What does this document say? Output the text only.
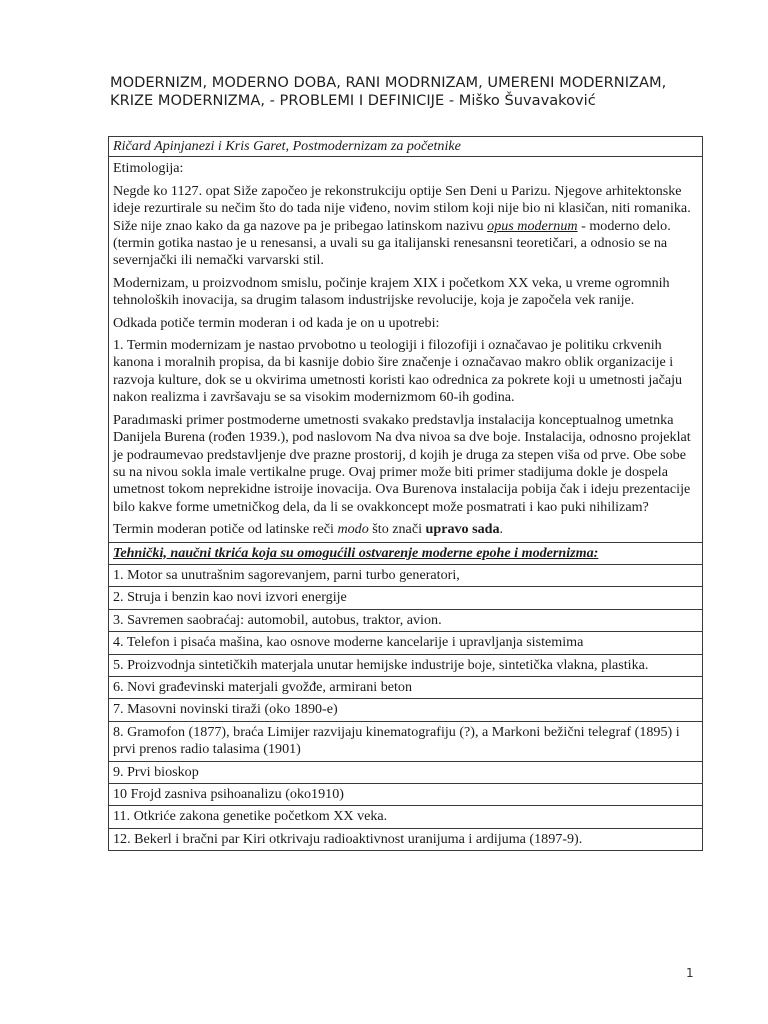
MODERNIZM, MODERNO DOBA, RANI MODRNIZAM, UMERENI MODERNIZAM, KRIZE MODERNIZMA, - PROBLEMI I DEFINICIJE - Miško Šuvavaković
Ričard Apinjanezi i Kris Garet, Postmodernizam za početnike

Etimologija:

Negde ko 1127. opat Siže započeo je rekonstrukciju optije Sen Deni u Parizu. Njegove arhitektonske ideje rezurtirale su nečim što do tada nije viđeno, novim stilom koji nije bio ni klasičan, niti romanika. Siže nije znao kako da ga nazove pa je pribegao latinskom nazivu opus modernum - moderno delo. (termin gotika nastao je u renesansi, a uvali su ga italijanski renesansni teoretičari, a odnosio se na severnjački ili nemački varvarski stil.

Modernizam, u proizvodnom smislu, počinje krajem XIX i početkom XX veka, u vreme ogromnih tehnoloških inovacija, sa drugim talasom industrijske revolucije, koja je započela vek ranije.

Odkada potiče termin moderan i od kada je on u upotrebi:

1. Termin modernizam je nastao prvobotno u teologiji i filozofiji i označavao je politiku crkvenih kanona i moralnih propisa, da bi kasnije dobio šire značenje i označavao makro oblik organizacije i razvoja kulture, dok se u okvirima umetnosti koristi kao odrednica za pokrete koji u umetnosti jačaju nakon realizma i završavaju se sa visokim modernizmom 60-ih godina.

Paradımaski primer postmoderne umetnosti svakako predstavlja instalacija konceptualnog umetnka Danijela Burena (rođen 1939.), pod naslovom Na dva nivoa sa dve boje. Instalacija, odnosno projeklat je podraumevao predstavljenje dve prazne prostorij, d kojih je druga za stepen viša od prve. Obe sobe su na nivou sokla imale vertikalne pruge. Ovaj primer može biti primer stadijuma dokle je dospela umetnost tokom neprekidne istroije inovacija. Ova Burenova instalacija pobija čak i ideju prezentacije bilo kakve forme umetničkog dela, da li se ovakkoncept može posmatrati i kao puki nihilizam?

Termin moderan potiče od latinske reči modo što znači upravo sada.

Tehnički, naučni tkrića koja su omogućili ostvarenje moderne epohe i modernizma:
1. Motor sa unutrašnim sagorevanjem, parni turbo generatori,
2. Struja i benzin kao novi izvori energije
3. Savremen saobraćaj: automobil, autobus, traktor, avion.
4. Telefon i pisaća mašina, kao osnove moderne kancelarije i upravljanja sistemima
5. Proizvodnja sintetičkih materjala unutar hemijske industrije boje, sintetička vlakna, plastika.
6. Novi građevinski materjali gvožđe, armirani beton
7. Masovni novinski tiraži (oko 1890-e)
8. Gramofon (1877), braća Limijer razvijaju kinematografiju (?), a Markoni bežični telegraf (1895) i prvi prenos radio talasima (1901)
9. Prvi bioskop
10 Frojd zasniva psihoanalizu (oko1910)
11. Otkriće zakona genetike početkom XX veka.
12. Bekerl i bračni par Kiri otkrivaju radioaktivnost uranijuma i ardijuma (1897-9).
1
